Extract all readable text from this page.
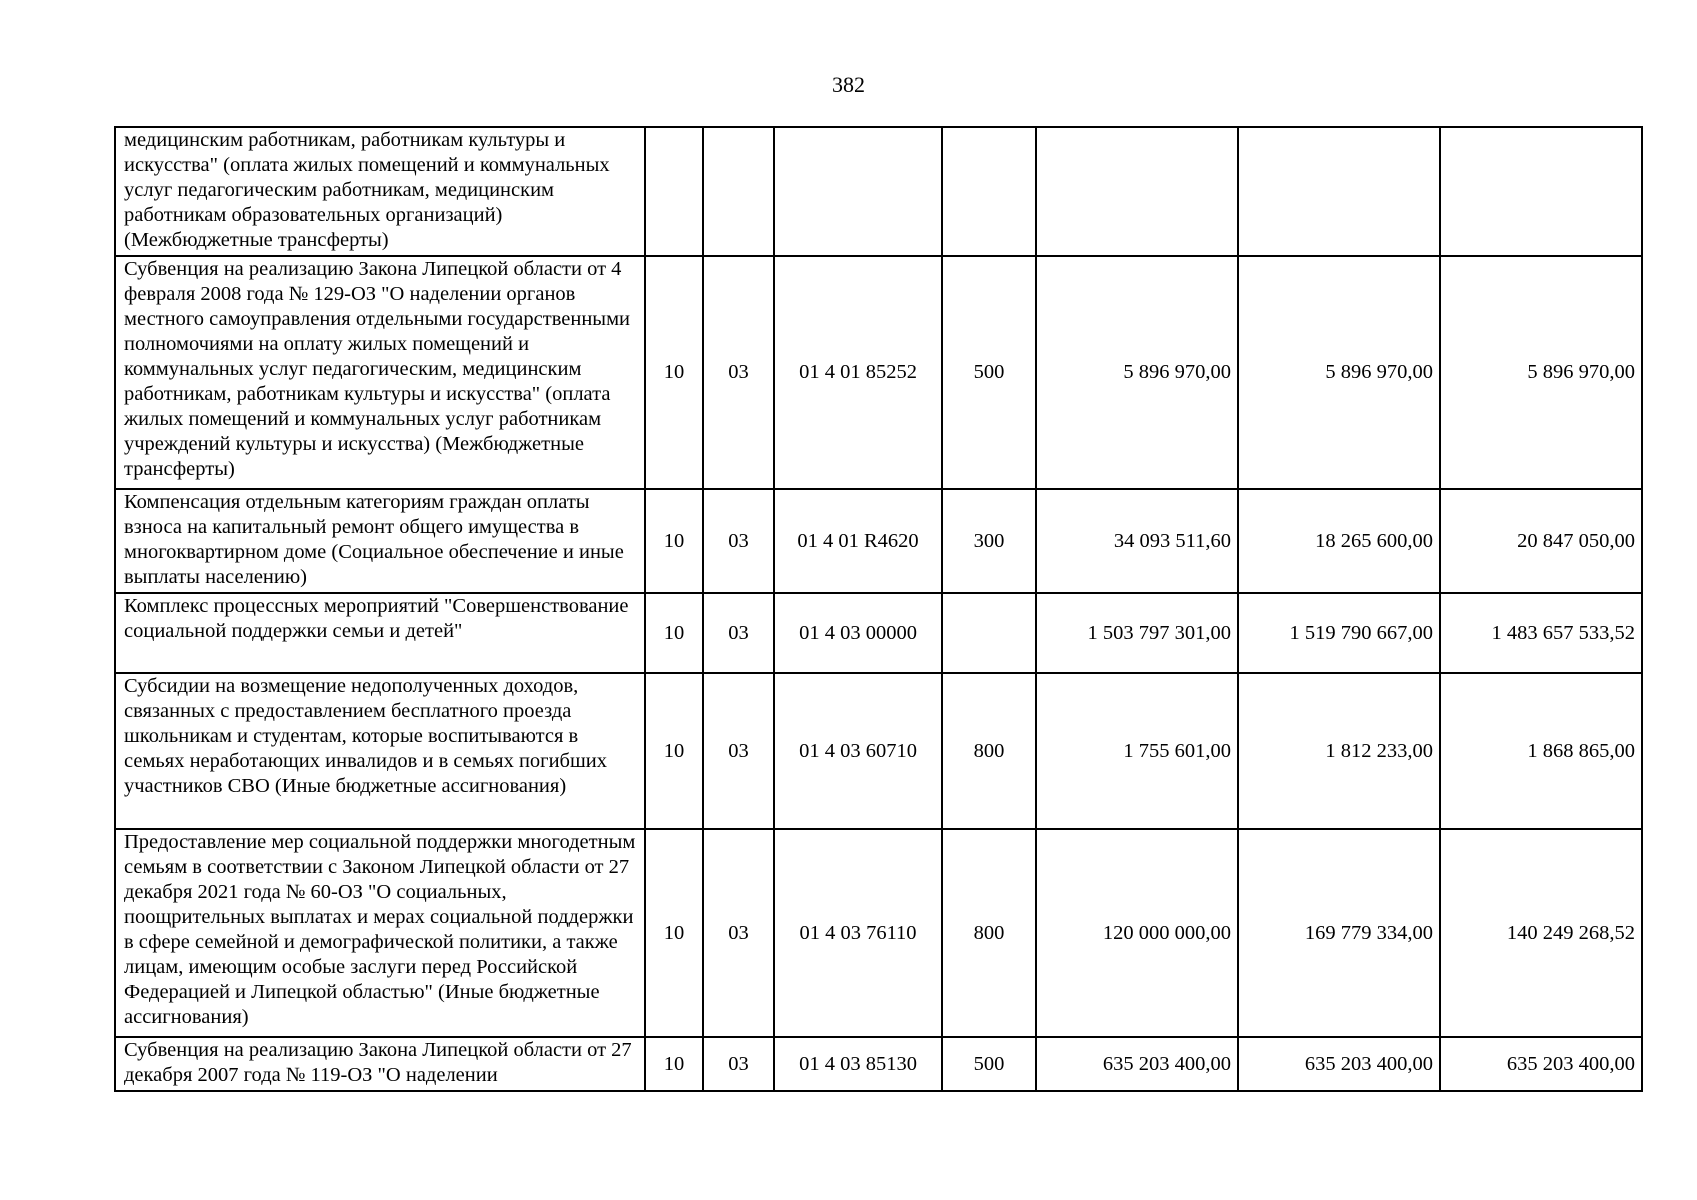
382
медицинским работникам, работникам культуры и искусства" (оплата жилых помещений и коммунальных услуг педагогическим работникам, медицинским работникам образовательных организаций) (Межбюджетные трансферты)							
Субвенция на реализацию Закона Липецкой области от 4 февраля 2008 года № 129-ОЗ "О наделении органов местного самоуправления отдельными государственными полномочиями на оплату жилых помещений и коммунальных услуг педагогическим, медицинским работникам, работникам культуры и искусства" (оплата жилых помещений и коммунальных услуг работникам учреждений культуры и искусства) (Межбюджетные трансферты)	10	03	01 4 01 85252	500	5 896 970,00	5 896 970,00	5 896 970,00
Компенсация отдельным категориям граждан оплаты взноса на капитальный ремонт общего имущества в многоквартирном доме (Социальное обеспечение и иные выплаты населению)	10	03	01 4 01 R4620	300	34 093 511,60	18 265 600,00	20 847 050,00
Комплекс процессных мероприятий "Совершенствование социальной поддержки семьи и детей"	10	03	01 4 03 00000		1 503 797 301,00	1 519 790 667,00	1 483 657 533,52
Субсидии на возмещение недополученных доходов, связанных с предоставлением бесплатного проезда школьникам и студентам, которые воспитываются в семьях неработающих инвалидов и в семьях погибших участников СВО (Иные бюджетные ассигнования)	10	03	01 4 03 60710	800	1 755 601,00	1 812 233,00	1 868 865,00
Предоставление мер социальной поддержки многодетным семьям в соответствии с Законом Липецкой области от 27 декабря 2021 года № 60-ОЗ "О социальных, поощрительных выплатах и мерах социальной поддержки в сфере семейной и демографической политики, а также лицам, имеющим особые заслуги перед Российской Федерацией и Липецкой областью" (Иные бюджетные ассигнования)	10	03	01 4 03 76110	800	120 000 000,00	169 779 334,00	140 249 268,52
Субвенция на реализацию Закона Липецкой области от 27 декабря 2007 года № 119-ОЗ "О наделении	10	03	01 4 03 85130	500	635 203 400,00	635 203 400,00	635 203 400,00
